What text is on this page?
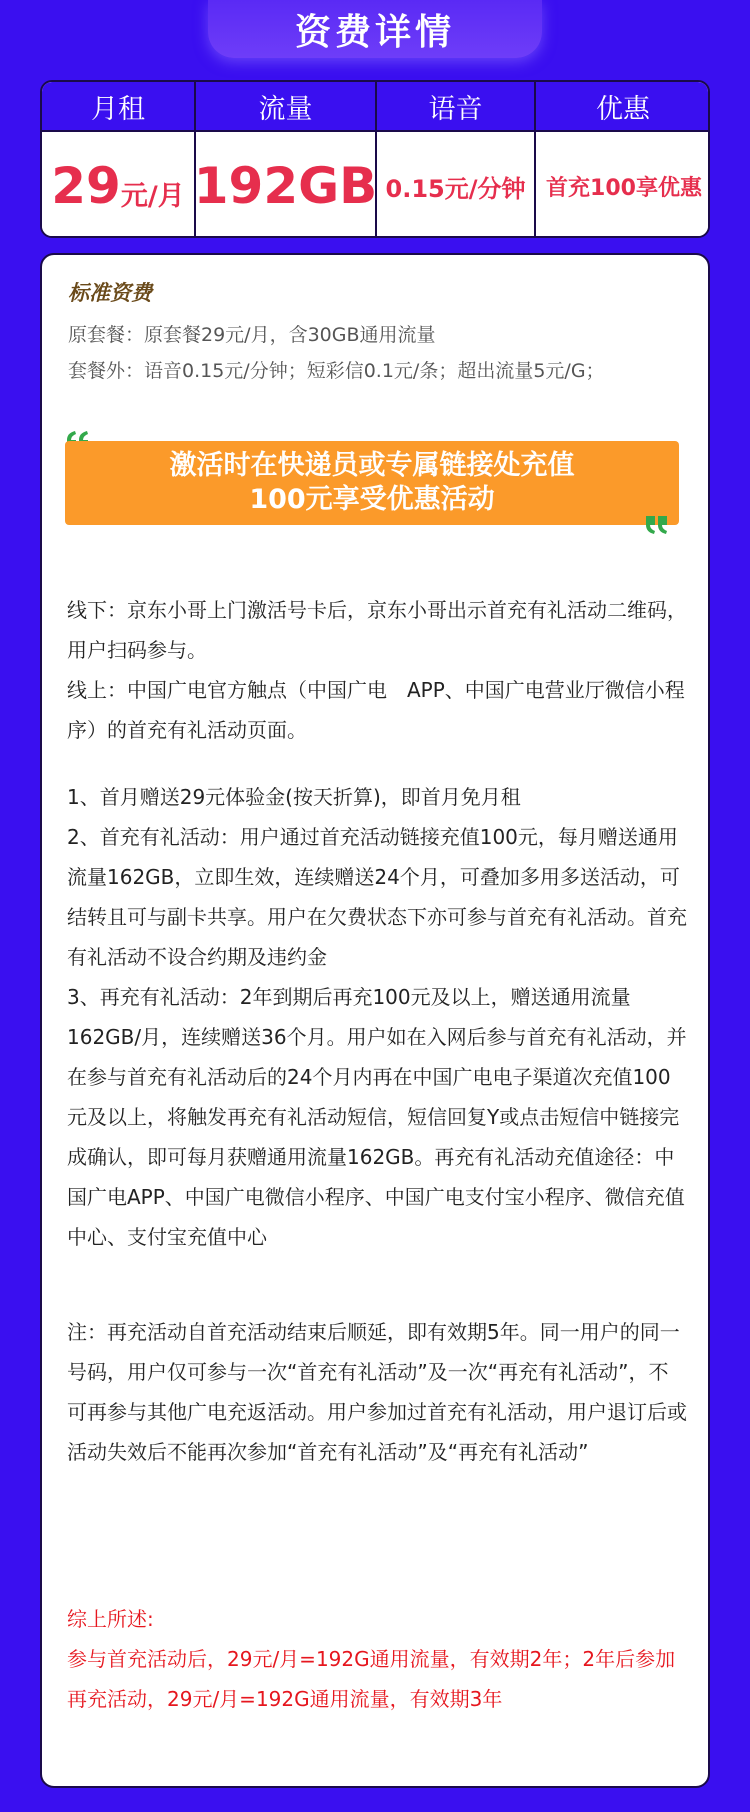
资费详情
月租	流量	语音	优惠
29 元/月 192GB 0.15元/分钟 首充100享优惠
标准资费
原套餐：原套餐29元/月，含30GB通用流量
套餐外：语音0.15元/分钟；短彩信0.1元/条；超出流量5元/G；
激活时在快递员或专属链接处充值
100元享受优惠活动
线下：京东小哥上门激活号卡后，京东小哥出示首充有礼活动二维码，用户扫码参与。
线上：中国广电官方触点（中国广电　APP、中国广电营业厅微信小程序）的首充有礼活动页面。
1、首月赠送29元体验金(按天折算)，即首月免月租
2、首充有礼活动：用户通过首充活动链接充值100元，每月赠送通用流量162GB，立即生效，连续赠送24个月，可叠加多用多送活动，可结转且可与副卡共享。用户在欠费状态下亦可参与首充有礼活动。首充有礼活动不设合约期及违约金
3、再充有礼活动：2年到期后再充100元及以上，赠送通用流量162GB/月，连续赠送36个月。用户如在入网后参与首充有礼活动，并在参与首充有礼活动后的24个月内再在中国广电电子渠道次充值100元及以上，将触发再充有礼活动短信，短信回复Y或点击短信中链接完成确认，即可每月获赠通用流量162GB。再充有礼活动充值途径：中国广电APP、中国广电微信小程序、中国广电支付宝小程序、微信充值中心、支付宝充值中心
注：再充活动自首充活动结束后顺延，即有效期5年。同一用户的同一号码，用户仅可参与一次“首充有礼活动”及一次“再充有礼活动”，不可再参与其他广电充返活动。用户参加过首充有礼活动，用户退订后或活动失效后不能再次参加“首充有礼活动”及“再充有礼活动”
综上所述:
参与首充活动后，29元/月=192G通用流量，有效期2年；2年后参加再充活动，29元/月=192G通用流量，有效期3年
